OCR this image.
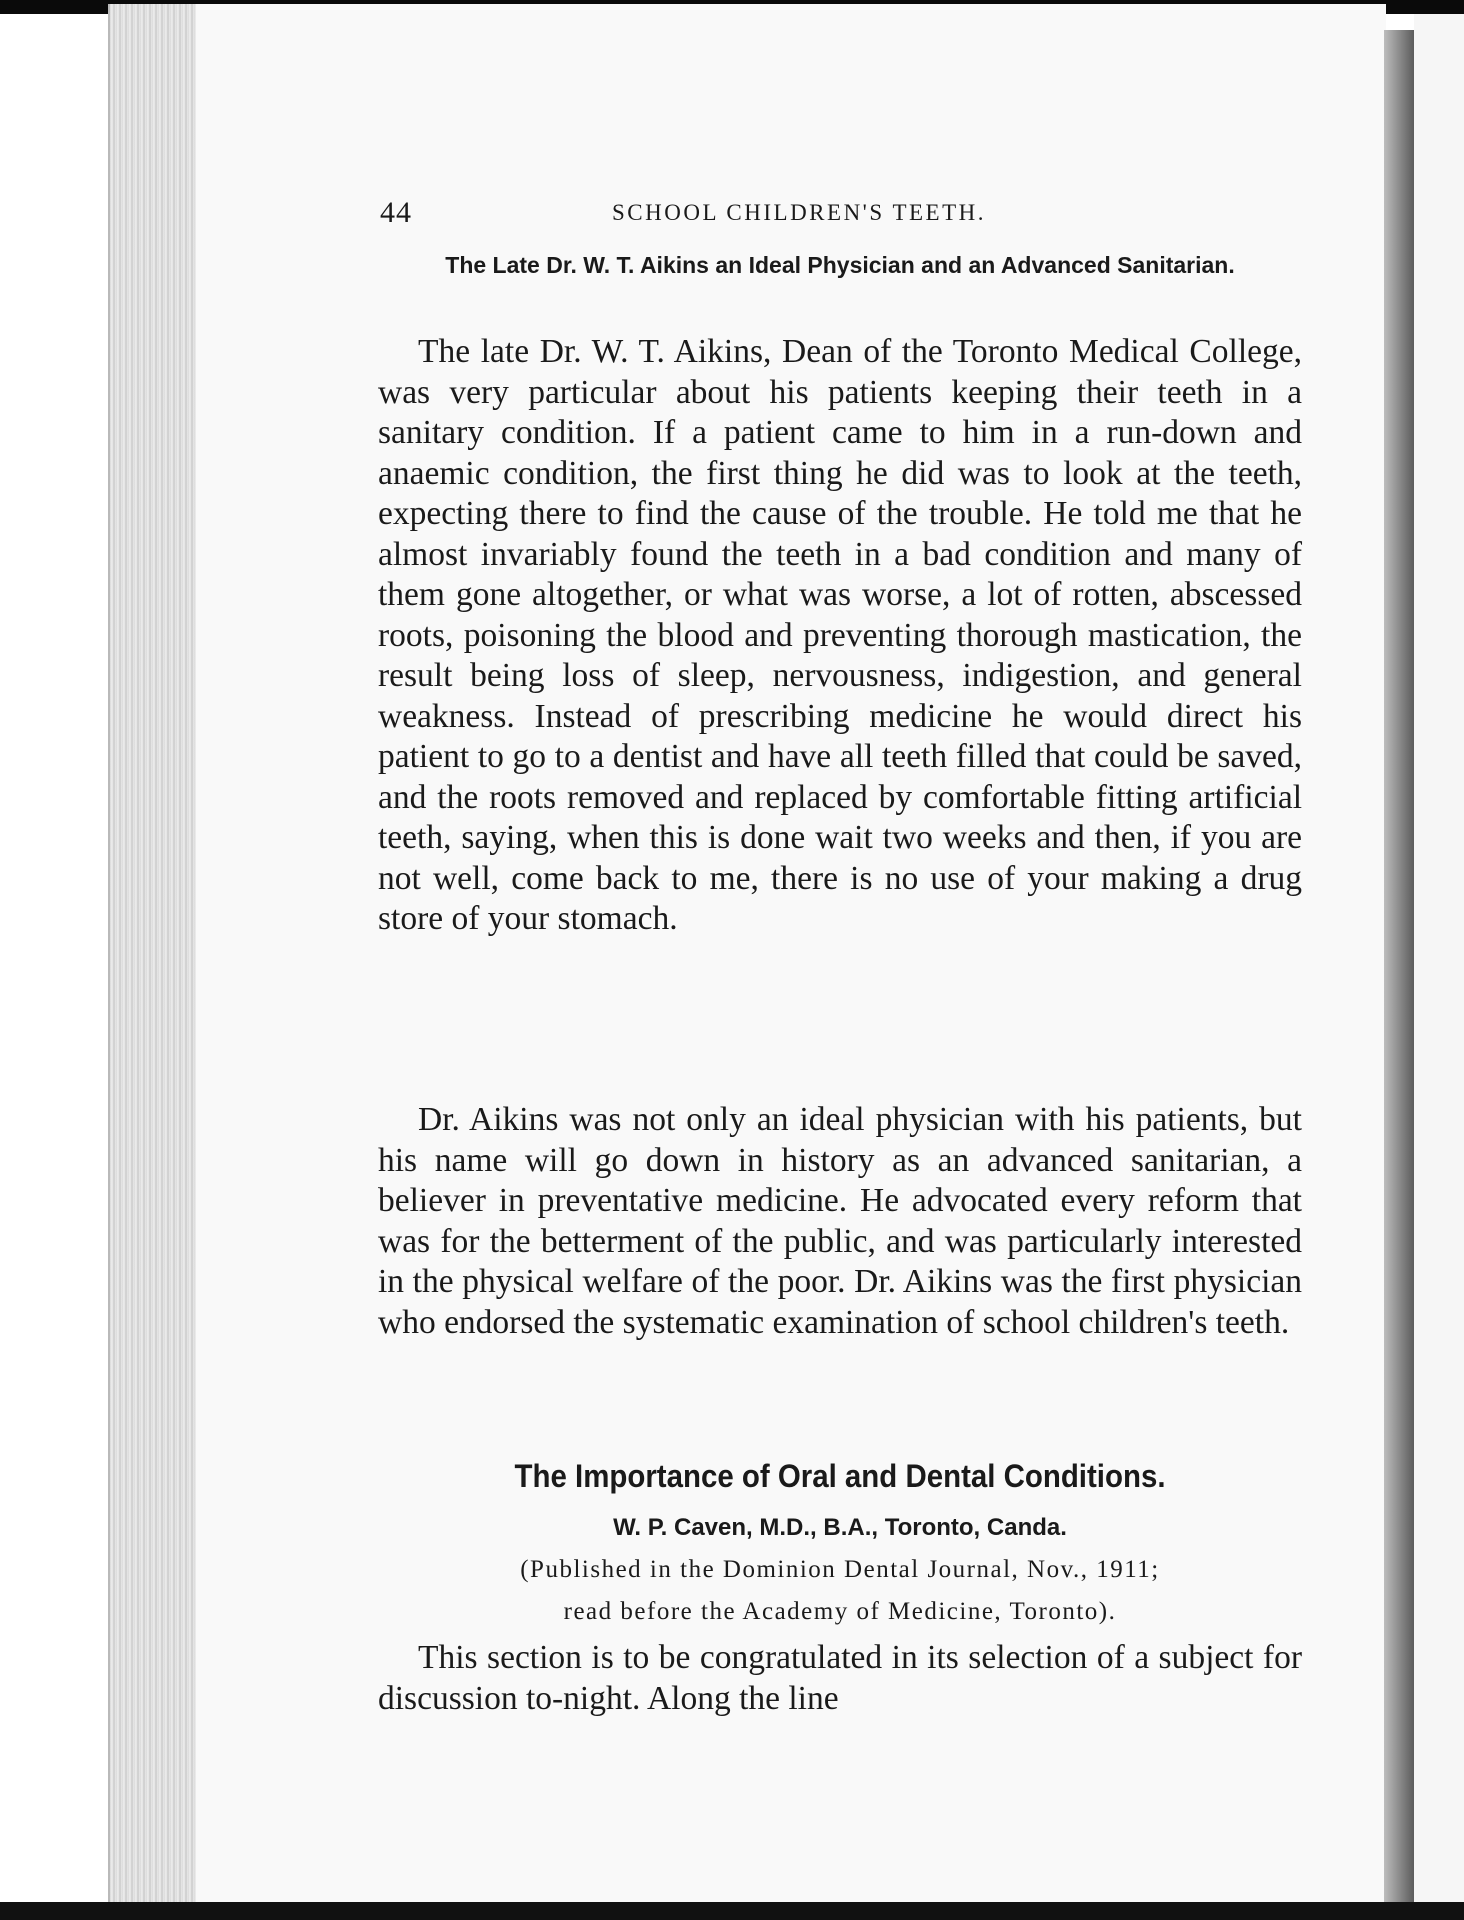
44	SCHOOL CHILDREN'S TEETH.
The Late Dr. W. T. Aikins an Ideal Physician and an Advanced Sanitarian.

The late Dr. W. T. Aikins, Dean of the Toronto Medical College, was very particular about his patients keeping their teeth in a sanitary condition. If a patient came to him in a run-down and anaemic condition, the first thing he did was to look at the teeth, expecting there to find the cause of the trouble. He told me that he almost invariably found the teeth in a bad condition and many of them gone altogether, or what was worse, a lot of rotten, abscessed roots, poisoning the blood and preventing thorough mastication, the result being loss of sleep, nervousness, indigestion, and general weakness. Instead of prescribing medicine he would direct his patient to go to a dentist and have all teeth filled that could be saved, and the roots removed and replaced by comfortable fitting artificial teeth, saying, when this is done wait two weeks and then, if you are not well, come back to me, there is no use of your making a drug store of your stomach.

Dr. Aikins was not only an ideal physician with his patients, but his name will go down in history as an advanced sanitarian, a believer in preventative medicine. He advocated every reform that was for the betterment of the public, and was particularly interested in the physical welfare of the poor. Dr. Aikins was the first physician who endorsed the systematic examination of school children's teeth.

The Importance of Oral and Dental Conditions.
W. P. Caven, M.D., B.A., Toronto, Canda.
(Published in the Dominion Dental Journal, Nov., 1911;
read before the Academy of Medicine, Toronto).

This section is to be congratulated in its selection of a subject for discussion to-night. Along the line
